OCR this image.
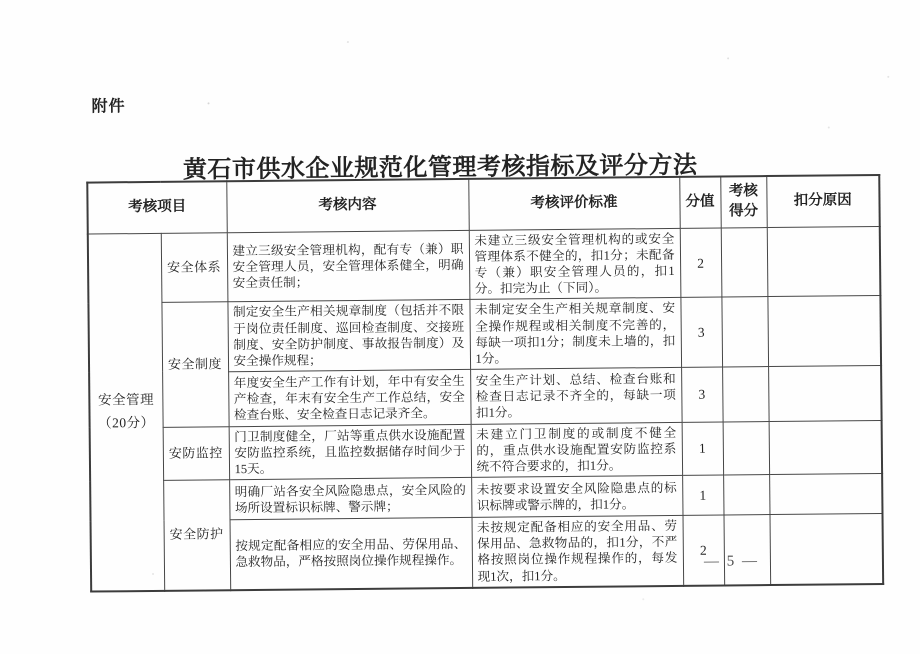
附件
黄石市供水企业规范化管理考核指标及评分方法
考核项目		考核内容	考核评价标准	分值	考核得分	扣分原因

安全管理
（20分）	安全体系	建立三级安全管理机构，配有专（兼）职安全管理人员，安全管理体系健全，明确安全责任制；	未建立三级安全管理机构的或安全管理体系不健全的，扣1分；未配备专（兼）职安全管理人员的，扣1分。扣完为止（下同）。	2		
	安全制度	制定安全生产相关规章制度（包括并不限于岗位责任制度、巡回检查制度、交接班制度、安全防护制度、事故报告制度）及安全操作规程；	未制定安全生产相关规章制度、安全操作规程或相关制度不完善的，每缺一项扣1分；制度未上墙的，扣1分。	3		
		年度安全生产工作有计划，年中有安全生产检查，年末有安全生产工作总结，安全检查台账、安全检查日志记录齐全。	安全生产计划、总结、检查台账和检查日志记录不齐全的，每缺一项扣1分。	3		
	安防监控	门卫制度健全，厂站等重点供水设施配置安防监控系统，且监控数据储存时间少于15天。	未建立门卫制度的或制度不健全的，重点供水设施配置安防监控系统不符合要求的，扣1分。	1		
	安全防护	明确厂站各安全风险隐患点，安全风险的场所设置标识标牌、警示牌；	未按要求设置安全风险隐患点的标识标牌或警示牌的，扣1分。	1		
		按规定配备相应的安全用品、劳保用品、急救物品，严格按照岗位操作规程操作。	未按规定配备相应的安全用品、劳保用品、急救物品的，扣1分，不严格按照岗位操作规程操作的，每发现1次，扣1分。	2		
— 5 —
